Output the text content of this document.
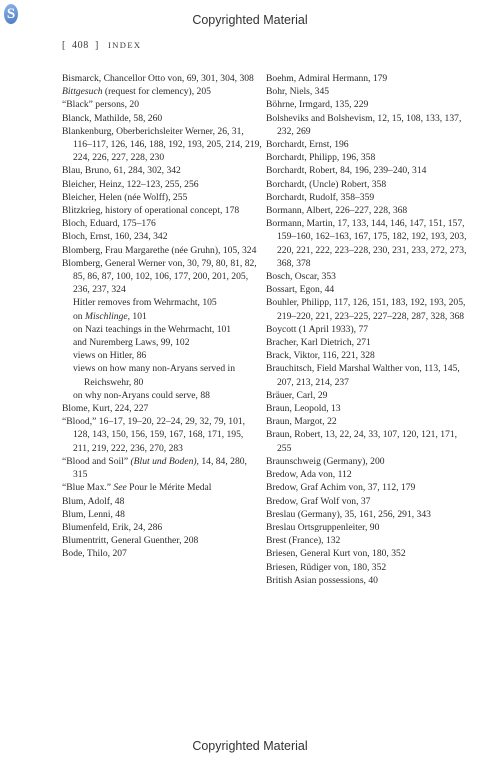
S	Copyrighted Material
[ 408 ] INDEX

Bismarck, Chancellor Otto von, 69, 301, 304, 308

Bittgesuch (request for clemency), 205

“Black” persons, 20

Blanck, Mathilde, 58, 260

Blankenburg, Oberberichsleiter Werner, 26, 31, 116–117, 126, 146, 188, 192, 193, 205, 214, 219, 224, 226, 227, 228, 230

Blau, Bruno, 61, 284, 302, 342

Bleicher, Heinz, 122–123, 255, 256

Bleicher, Helen (née Wolff), 255

Blitzkrieg, history of operational concept, 178

Bloch, Eduard, 175–176

Bloch, Ernst, 160, 234, 342

Blomberg, Frau Margarethe (née Gruhn), 105, 324

Blomberg, General Werner von, 30, 79, 80, 81, 82, 85, 86, 87, 100, 102, 106, 177, 200, 201, 205, 236, 237, 324

Hitler removes from Wehrmacht, 105

on Mischlinge, 101

on Nazi teachings in the Wehrmacht, 101

and Nuremberg Laws, 99, 102

views on Hitler, 86

views on how many non-Aryans served in Reichswehr, 80

on why non-Aryans could serve, 88

Blome, Kurt, 224, 227

“Blood,” 16–17, 19–20, 22–24, 29, 32, 79, 101, 128, 143, 150, 156, 159, 167, 168, 171, 195, 211, 219, 222, 236, 270, 283

“Blood and Soil” (Blut und Boden), 14, 84, 280, 315

“Blue Max.” See Pour le Mérite Medal

Blum, Adolf, 48

Blum, Lenni, 48

Blumenfeld, Erik, 24, 286

Blumentritt, General Guenther, 208

Bode, Thilo, 207

Boehm, Admiral Hermann, 179

Bohr, Niels, 345

Böhrne, Irmgard, 135, 229

Bolsheviks and Bolshevism, 12, 15, 108, 133, 137, 232, 269

Borchardt, Ernst, 196

Borchardt, Philipp, 196, 358

Borchardt, Robert, 84, 196, 239–240, 314

Borchardt, (Uncle) Robert, 358

Borchardt, Rudolf, 358–359

Bormann, Albert, 226–227, 228, 368

Bormann, Martin, 17, 133, 144, 146, 147, 151, 157, 159–160, 162–163, 167, 175, 182, 192, 193, 203, 220, 221, 222, 223–228, 230, 231, 233, 272, 273, 368, 378

Bosch, Oscar, 353

Bossart, Egon, 44

Bouhler, Philipp, 117, 126, 151, 183, 192, 193, 205, 219–220, 221, 223–225, 227–228, 287, 328, 368

Boycott (1 April 1933), 77

Bracher, Karl Dietrich, 271

Brack, Viktor, 116, 221, 328

Brauchitsch, Field Marshal Walther von, 113, 145, 207, 213, 214, 237

Bräuer, Carl, 29

Braun, Leopold, 13

Braun, Margot, 22

Braun, Robert, 13, 22, 24, 33, 107, 120, 121, 171, 255

Braunschweig (Germany), 200

Bredow, Ada von, 112

Bredow, Graf Achim von, 37, 112, 179

Bredow, Graf Wolf von, 37

Breslau (Germany), 35, 161, 256, 291, 343

Breslau Ortsgruppenleiter, 90

Brest (France), 132

Briesen, General Kurt von, 180, 352

Briesen, Rüdiger von, 180, 352

British Asian possessions, 40

Copyrighted Material
